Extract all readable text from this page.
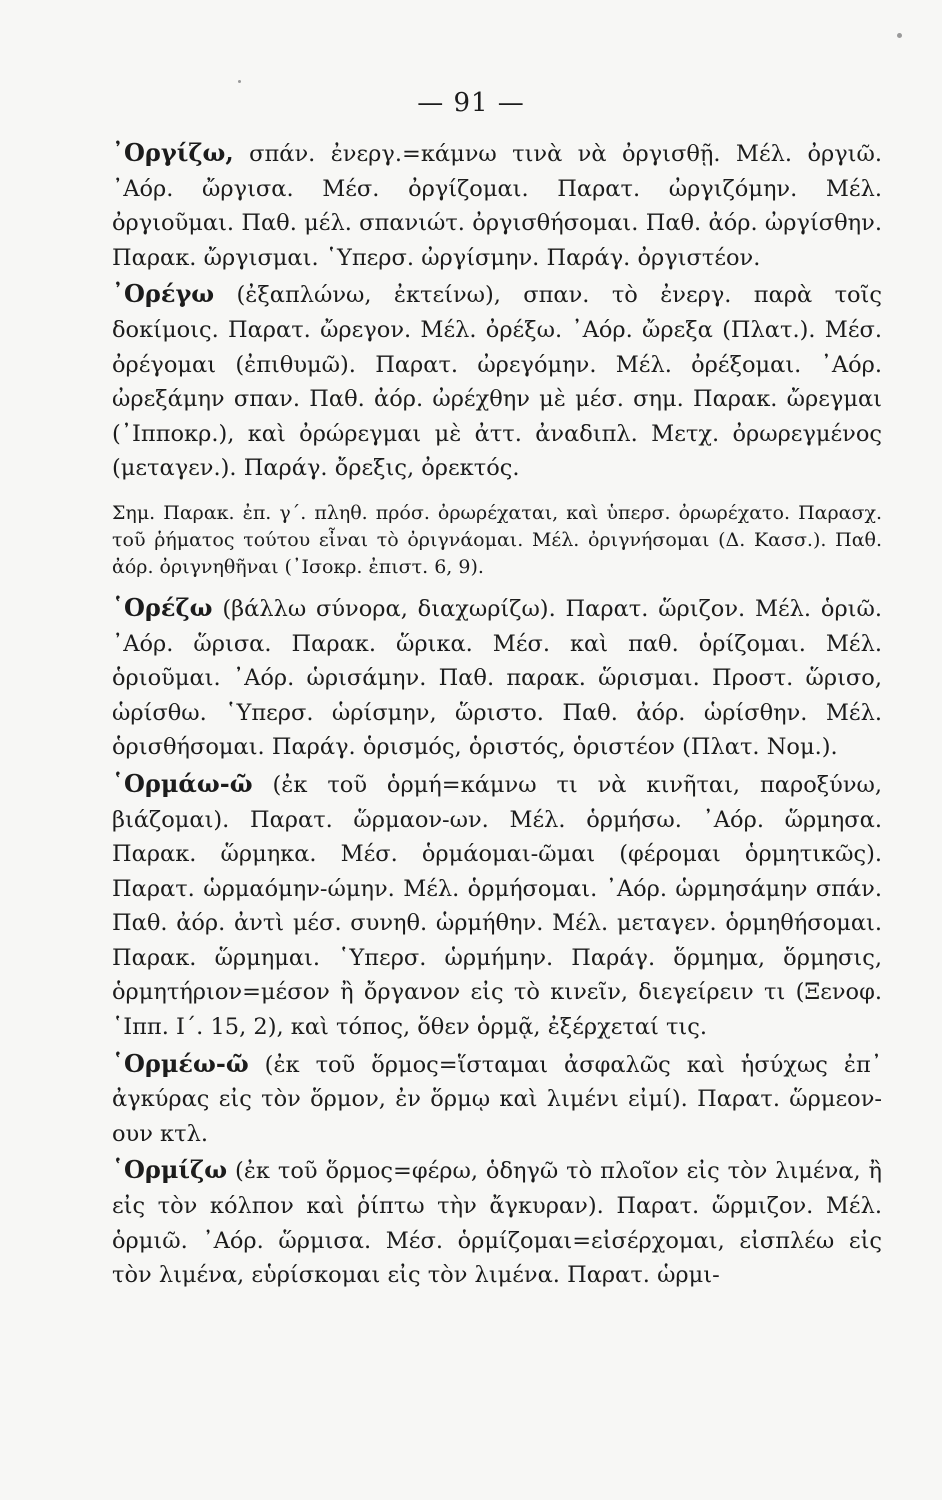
— 91 —

᾿Οργίζω, σπάν. ἐνεργ.=κάμνω τινὰ νὰ ὀργισθῇ. Μέλ. ὀργιῶ. ᾿Αόρ. ὤργισα. Μέσ. ὀργίζομαι. Παρατ. ὠργιζόμην. Μέλ. ὀργιοῦμαι. Παθ. μέλ. σπανιώτ. ὀργισθήσομαι. Παθ. ἀόρ. ὠργίσθην. Παρακ. ὤργισμαι. ῾Υπερσ. ὠργίσμην. Παράγ. ὀργιστέον.

᾿Ορέγω (ἐξαπλώνω, ἐκτείνω), σπαν. τὸ ἐνεργ. παρὰ τοῖς δοκίμοις. Παρατ. ὤρεγον. Μέλ. ὀρέξω. ᾿Αόρ. ὤρεξα (Πλατ.). Μέσ. ὀρέγομαι (ἐπιθυμῶ). Παρατ. ὠρεγόμην. Μέλ. ὀρέξομαι. ᾿Αόρ. ὠρεξάμην σπαν. Παθ. ἀόρ. ὠρέχθην μὲ μέσ. σημ. Παρακ. ὤρεγμαι (᾿Ιπποκρ.), καὶ ὀρώρεγμαι μὲ ἀττ. ἀναδιπλ. Μετχ. ὀρωρεγμένος (μεταγεν.). Παράγ. ὄρεξις, ὀρεκτός.

Σημ. Παρακ. ἐπ. γ΄. πληθ. πρόσ. ὀρωρέχαται, καὶ ὑπερσ. ὀρωρέχατο. Παρασχ. τοῦ ῥήματος τούτου εἶναι τὸ ὀριγνάομαι. Μέλ. ὀριγνήσομαι (Δ. Κασσ.). Παθ. ἀόρ. ὀριγνηθῆναι (᾿Ισοκρ. ἐπιστ. 6, 9).

῾Ορέζω (βάλλω σύνορα, διαχωρίζω). Παρατ. ὥριζον. Μέλ. ὁριῶ. ᾿Αόρ. ὥρισα. Παρακ. ὥρικα. Μέσ. καὶ παθ. ὁρίζομαι. Μέλ. ὁριοῦμαι. ᾿Αόρ. ὡρισάμην. Παθ. παρακ. ὥρισμαι. Προστ. ὥρισο, ὡρίσθω. ῾Υπερσ. ὡρίσμην, ὥριστο. Παθ. ἀόρ. ὡρίσθην. Μέλ. ὁρισθήσομαι. Παράγ. ὁρισμός, ὁριστός, ὁριστέον (Πλατ. Νομ.).

῾Ορμάω-ῶ (ἐκ τοῦ ὁρμή=κάμνω τι νὰ κινῆται, παροξύνω, βιάζομαι). Παρατ. ὥρμαον-ων. Μέλ. ὁρμήσω. ᾿Αόρ. ὥρμησα. Παρακ. ὥρμηκα. Μέσ. ὁρμάομαι-ῶμαι (φέρομαι ὁρμητικῶς). Παρατ. ὡρμαόμην-ώμην. Μέλ. ὁρμήσομαι. ᾿Αόρ. ὡρμησάμην σπάν. Παθ. ἀόρ. ἀντὶ μέσ. συνηθ. ὡρμήθην. Μέλ. μεταγεν. ὁρμηθήσομαι. Παρακ. ὥρμημαι. ῾Υπερσ. ὡρμήμην. Παράγ. ὅρμημα, ὅρμησις, ὁρμητήριον=μέσον ἢ ὄργανον εἰς τὸ κινεῖν, διεγείρειν τι (Ξενοφ. ῾Ιππ. Ι΄. 15, 2), καὶ τόπος, ὅθεν ὁρμᾷ, ἐξέρχεταί τις.

῾Ορμέω-ῶ (ἐκ τοῦ ὅρμος=ἵσταμαι ἀσφαλῶς καὶ ἡσύχως ἐπ᾿ ἀγκύρας εἰς τὸν ὅρμον, ἐν ὅρμῳ καὶ λιμένι εἰμί). Παρατ. ὥρμεον-ουν κτλ.

῾Ορμίζω (ἐκ τοῦ ὅρμος=φέρω, ὁδηγῶ τὸ πλοῖον εἰς τὸν λιμένα, ἢ εἰς τὸν κόλπον καὶ ῥίπτω τὴν ἄγκυραν). Παρατ. ὥρμιζον. Μέλ. ὁρμιῶ. ᾿Αόρ. ὥρμισα. Μέσ. ὁρμίζομαι=εἰσέρχομαι, εἰσπλέω εἰς τὸν λιμένα, εὑρίσκομαι εἰς τὸν λιμένα. Παρατ. ὡρμι-
